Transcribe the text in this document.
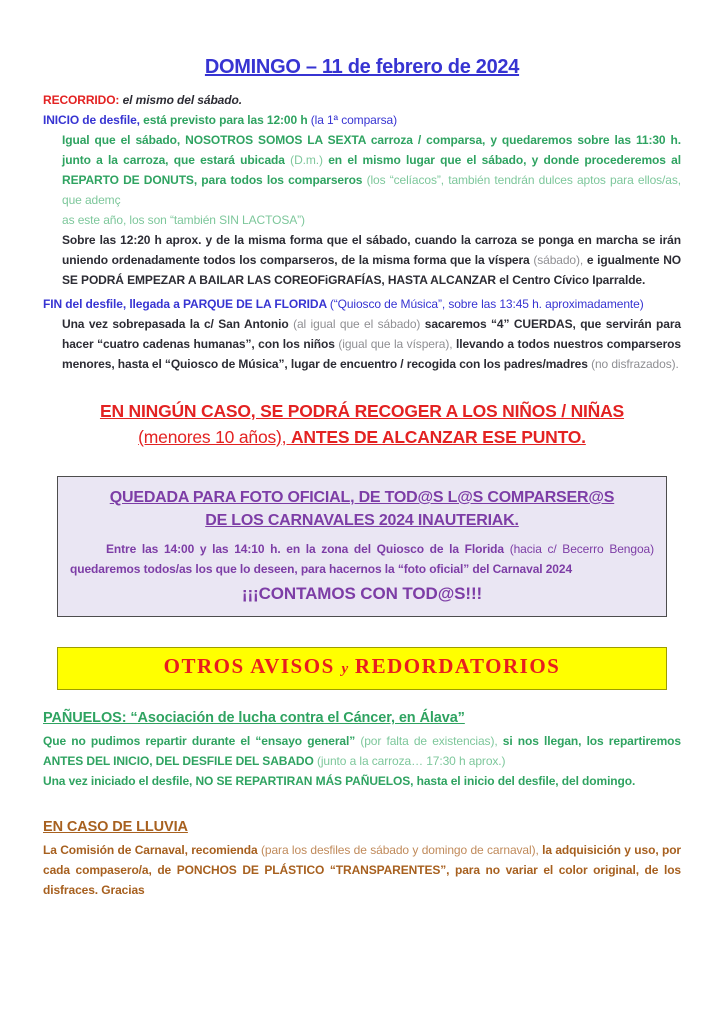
DOMINGO – 11 de febrero de 2024
RECORRIDO: el mismo del sábado.
INICIO de desfile, está previsto para las 12:00 h (la 1ª comparsa)
Igual que el sábado, NOSOTROS SOMOS LA SEXTA carroza / comparsa, y quedaremos sobre las 11:30 h. junto a la carroza, que estará ubicada (D.m.) en el mismo lugar que el sábado, y donde procederemos al REPARTO DE DONUTS, para todos los comparseros (los “celíacos”, también tendrán dulces aptos para ellos/as, que ademç
as este año, los son “también SIN LACTOSA”)
Sobre las 12:20 h aprox. y de la misma forma que el sábado, cuando la carroza se ponga en marcha se irán uniendo ordenadamente todos los comparseros, de la misma forma que la víspera (sábado), e igualmente NO SE PODRÁ EMPEZAR A BAILAR LAS COREOFiGRAFÍAS, HASTA ALCANZAR el Centro Cívico Iparralde.
FIN del desfile, llegada a PARQUE DE LA FLORIDA (“Quiosco de Música”, sobre las 13:45 h. aproximadamente)
Una vez sobrepasada la c/ San Antonio (al igual que el sábado) sacaremos “4” CUERDAS, que servirán para hacer “cuatro cadenas humanas”, con los niños (igual que la víspera), llevando a todos nuestros comparseros menores, hasta el “Quiosco de Música”, lugar de encuentro / recogida con los padres/madres (no disfrazados).
EN NINGÚN CASO, SE PODRÁ RECOGER A LOS NIÑOS / NIÑAS
(menores 10 años), ANTES DE ALCANZAR ESE PUNTO.
QUEDADA PARA FOTO OFICIAL, DE TOD@S L@S COMPARSER@S
DE LOS CARNAVALES 2024 INAUTERIAK.
Entre las 14:00 y las 14:10 h. en la zona del Quiosco de la Florida (hacia c/ Becerro Bengoa) quedaremos todos/as los que lo deseen, para hacernos la “foto oficial” del Carnaval 2024
¡¡¡CONTAMOS CON TOD@S!!!
OTROS AVISOS y REDORDATORIOS
PAÑUELOS: “Asociación de lucha contra el Cáncer, en Álava”
Que no pudimos repartir durante el “ensayo general” (por falta de existencias), si nos llegan, los repartiremos ANTES DEL INICIO, DEL DESFILE DEL SABADO (junto a la carroza… 17:30 h aprox.)
Una vez iniciado el desfile, NO SE REPARTIRAN MÁS PAÑUELOS, hasta el inicio del desfile, del domingo.
EN CASO DE LLUVIA
La Comisión de Carnaval, recomienda (para los desfiles de sábado y domingo de carnaval), la adquisición y uso, por cada compasero/a, de PONCHOS DE PLÁSTICO “TRANSPARENTES”, para no variar el color original, de los disfraces. Gracias
